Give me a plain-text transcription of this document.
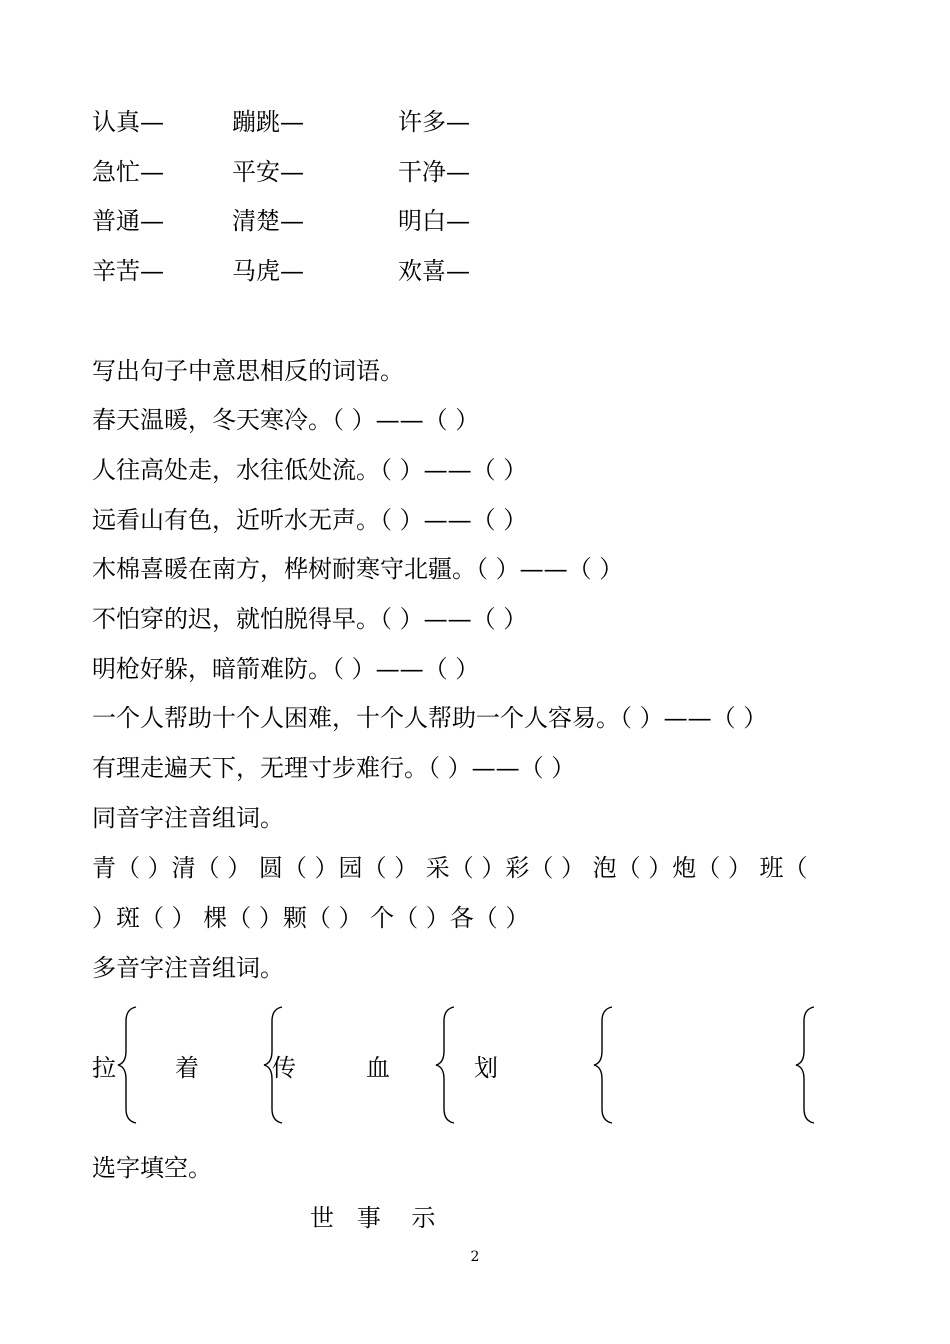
认真—	蹦跳—	许多—
急忙—	平安—	干净—
普通—	清楚—	明白—
辛苦—	马虎—	欢喜—
写出句子中意思相反的词语。
春天温暖，冬天寒冷。（ ）——（ ）
人往高处走，水往低处流。（ ）——（ ）
远看山有色，近听水无声。（ ）——（ ）
木棉喜暖在南方，桦树耐寒守北疆。（ ）——（ ）
不怕穿的迟，就怕脱得早。（ ）——（ ）
明枪好躲，暗箭难防。（ ）——（ ）
一个人帮助十个人困难，十个人帮助一个人容易。（ ）——（ ）
有理走遍天下，无理寸步难行。（ ）——（ ）
同音字注音组词。
青（ ）清（ ） 圆（ ）园（ ） 采（ ）彩（ ） 泡（ ）炮（ ） 班（
）斑（ ） 棵（ ）颗（ ） 个（ ）各（ ）
多音字注音组词。
拉 着	传	血	划
选字填空。
世   事    示
2
